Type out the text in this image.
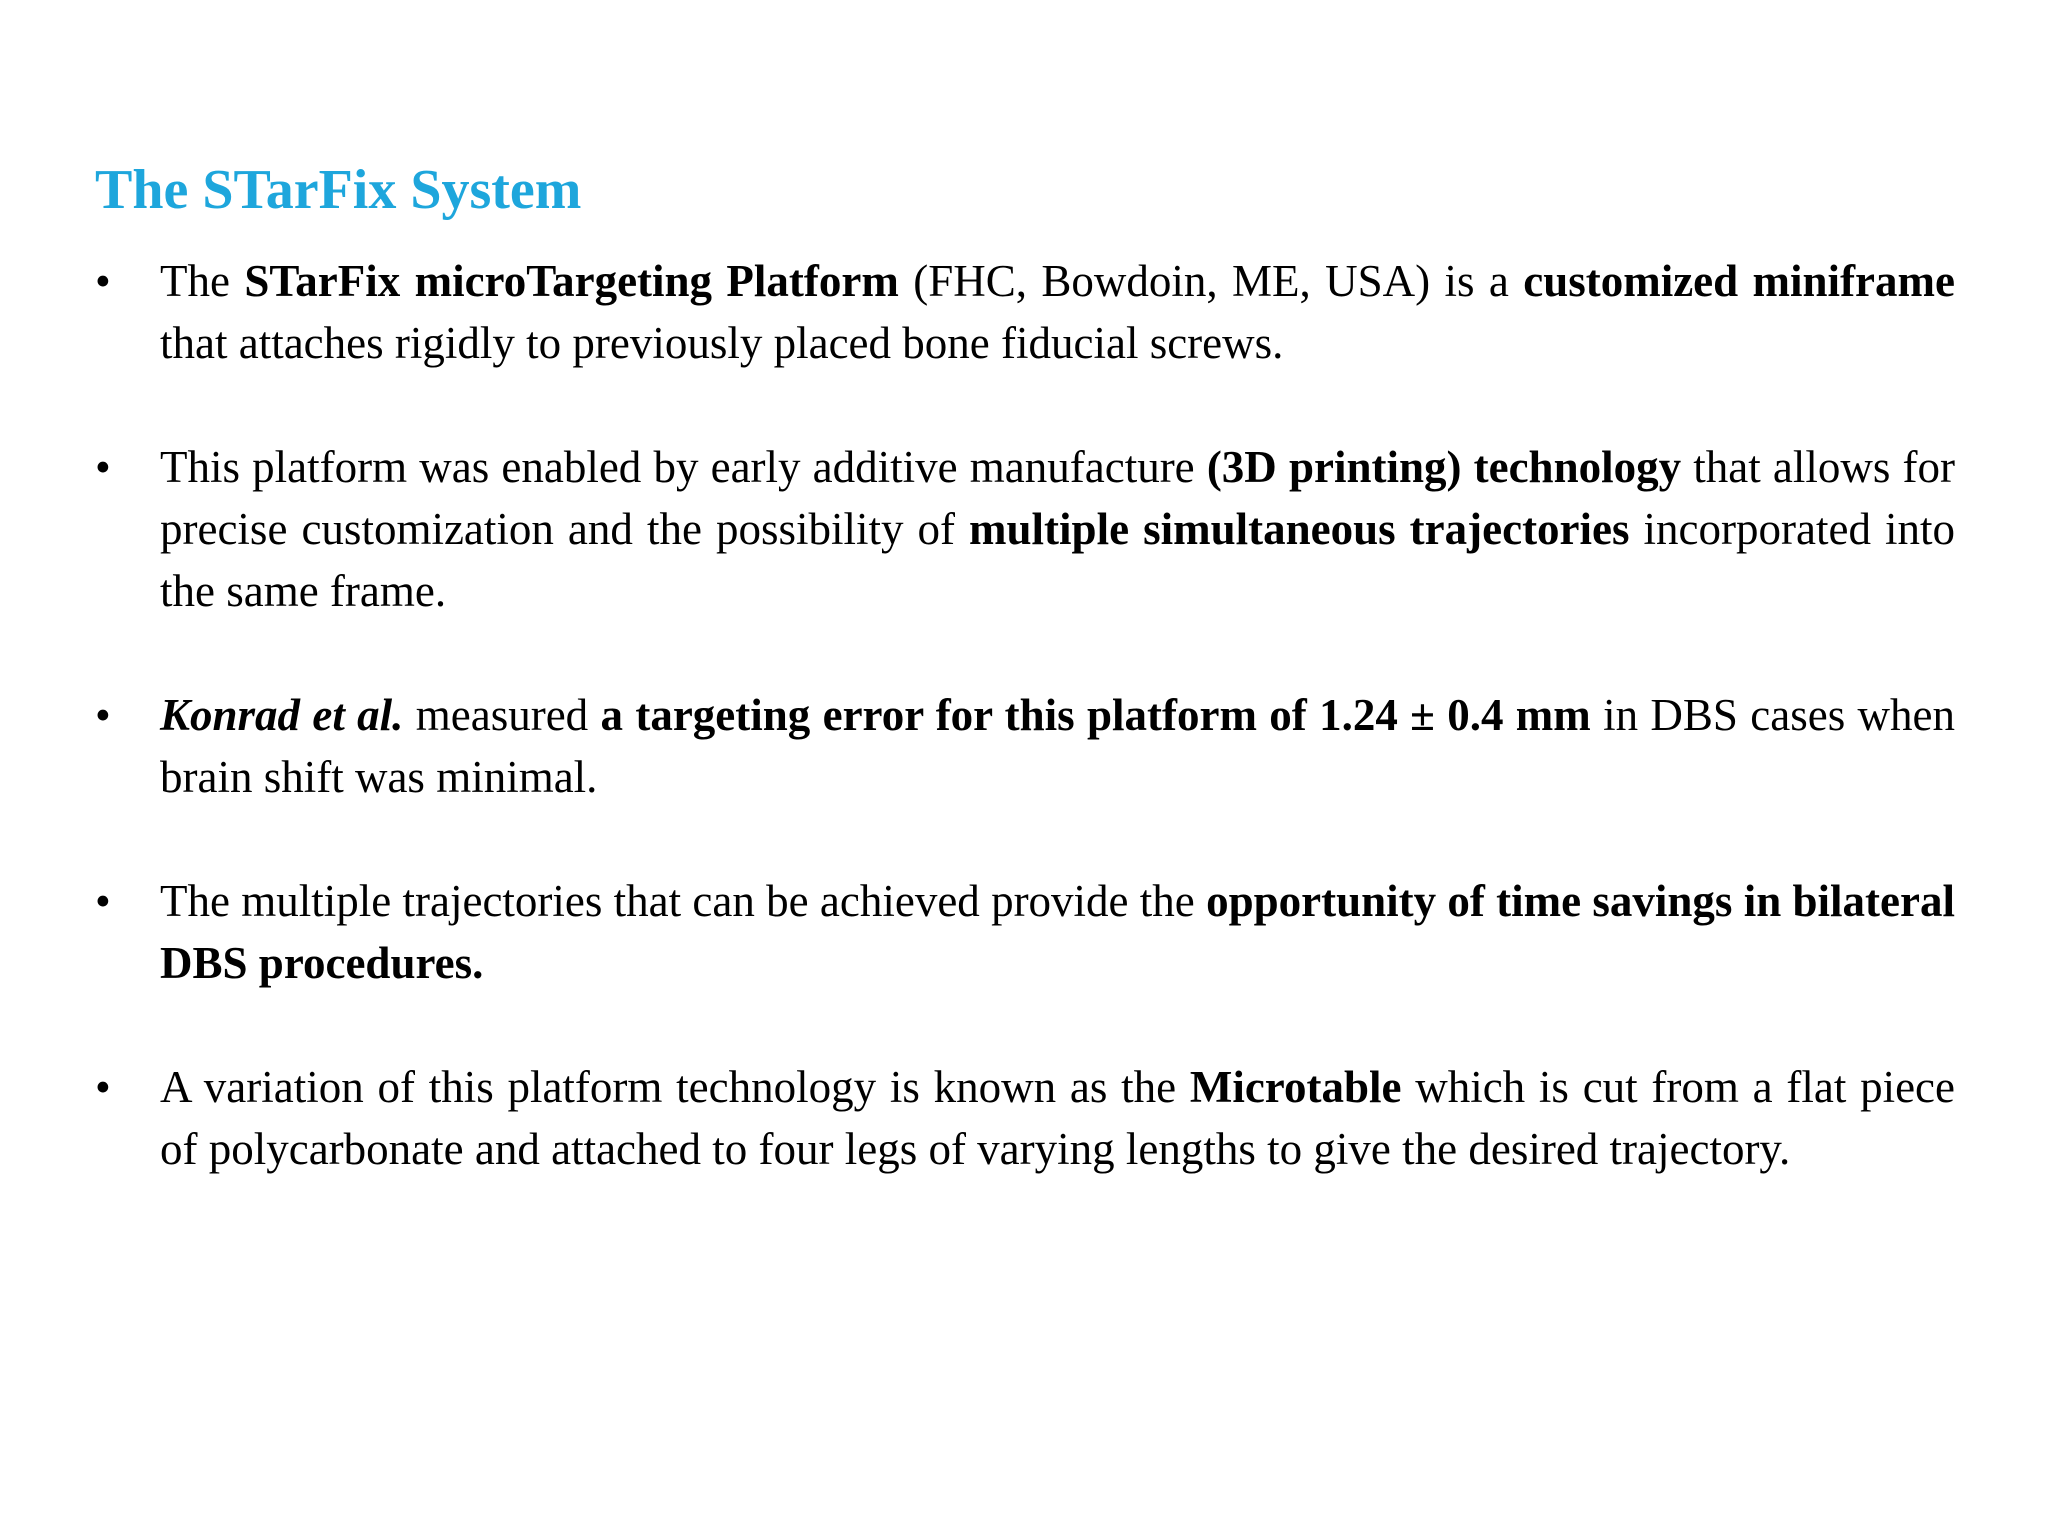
The STarFix System
•	The STarFix microTargeting Platform (FHC, Bowdoin, ME, USA) is a customized miniframe that attaches rigidly to previously placed bone fiducial screws.
•	This platform was enabled by early additive manufacture (3D printing) technology that allows for precise customization and the possibility of multiple simultaneous trajectories incorporated into the same frame.
•	Konrad et al. measured a targeting error for this platform of 1.24 ± 0.4 mm in DBS cases when brain shift was minimal.
•	The multiple trajectories that can be achieved provide the opportunity of time savings in bilateral DBS procedures.
•	A variation of this platform technology is known as the Microtable which is cut from a flat piece of polycarbonate and attached to four legs of varying lengths to give the desired trajectory.
